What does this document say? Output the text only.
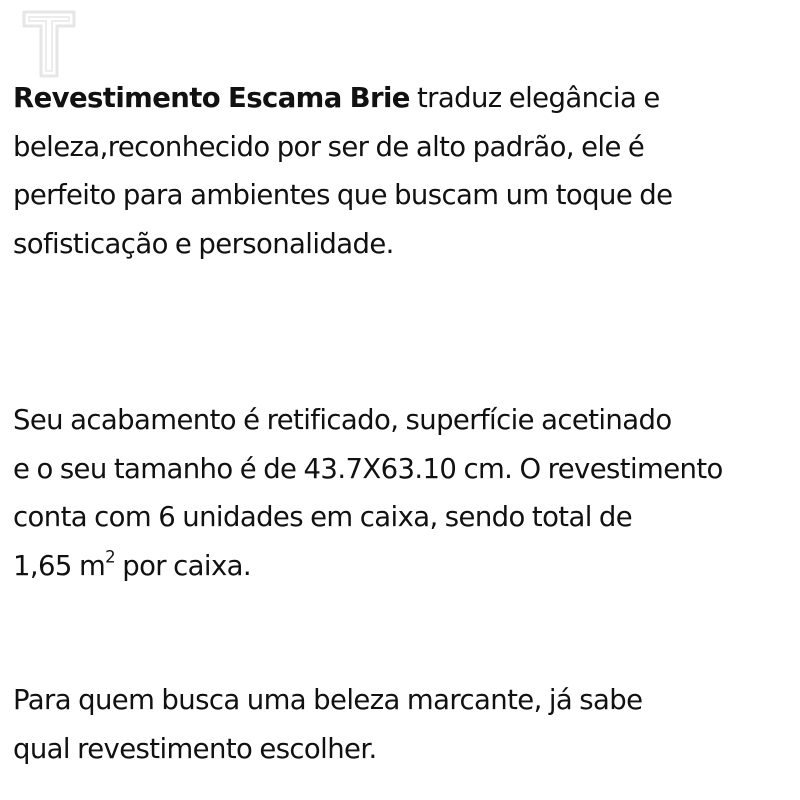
Revestimento Escama Brie traduz elegância e
beleza,reconhecido por ser de alto padrão, ele é
perfeito para ambientes que buscam um toque de
sofisticação e personalidade.

Seu acabamento é retificado, superfície acetinado
e o seu tamanho é de 43.7X63.10 cm. O revestimento
conta com 6 unidades em caixa, sendo total de
1,65 $m^2$ por caixa.

Para quem busca uma beleza marcante, já sabe
qual revestimento escolher.
